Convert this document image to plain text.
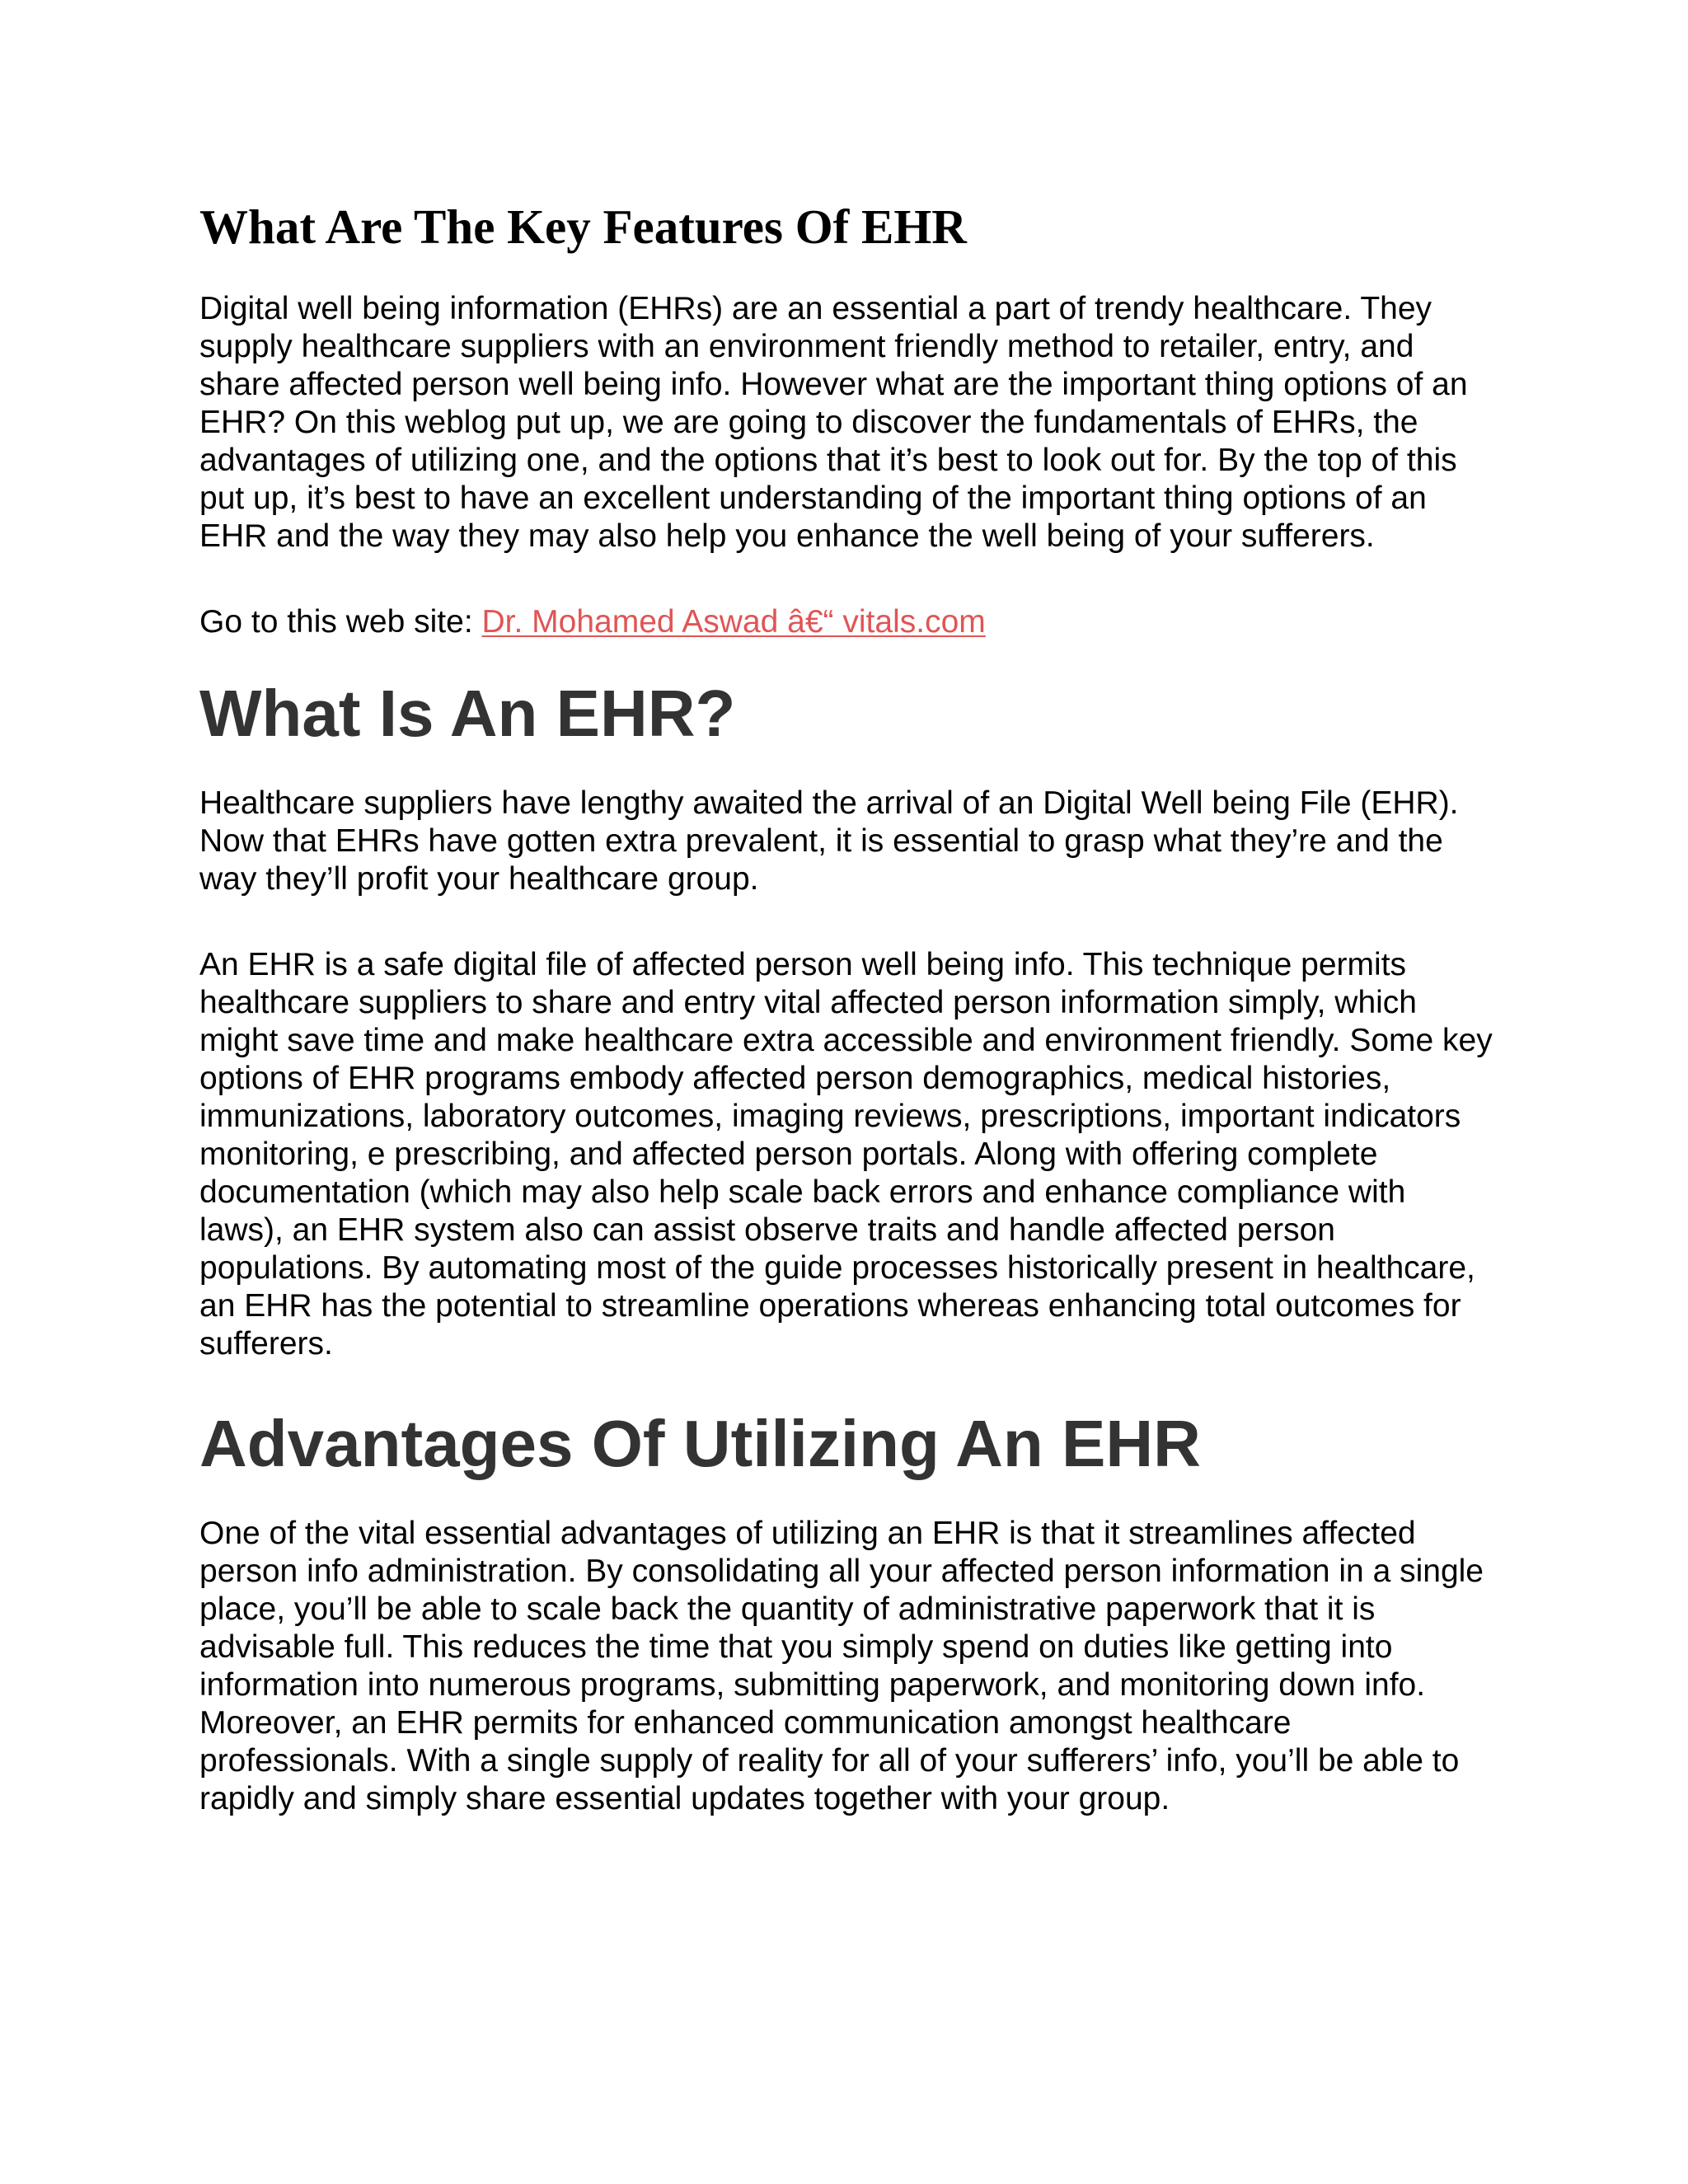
What Are The Key Features Of EHR

Digital well being information (EHRs) are an essential a part of trendy healthcare. They supply healthcare suppliers with an environment friendly method to retailer, entry, and share affected person well being info. However what are the important thing options of an EHR? On this weblog put up, we are going to discover the fundamentals of EHRs, the advantages of utilizing one, and the options that it’s best to look out for. By the top of this put up, it’s best to have an excellent understanding of the important thing options of an EHR and the way they may also help you enhance the well being of your sufferers.

Go to this web site: Dr. Mohamed Aswad â€“ vitals.com

What Is An EHR?

Healthcare suppliers have lengthy awaited the arrival of an Digital Well being File (EHR). Now that EHRs have gotten extra prevalent, it is essential to grasp what they’re and the way they’ll profit your healthcare group.

An EHR is a safe digital file of affected person well being info. This technique permits healthcare suppliers to share and entry vital affected person information simply, which might save time and make healthcare extra accessible and environment friendly. Some key options of EHR programs embody affected person demographics, medical histories, immunizations, laboratory outcomes, imaging reviews, prescriptions, important indicators monitoring, e prescribing, and affected person portals. Along with offering complete documentation (which may also help scale back errors and enhance compliance with laws), an EHR system also can assist observe traits and handle affected person populations. By automating most of the guide processes historically present in healthcare, an EHR has the potential to streamline operations whereas enhancing total outcomes for sufferers.

Advantages Of Utilizing An EHR

One of the vital essential advantages of utilizing an EHR is that it streamlines affected person info administration. By consolidating all your affected person information in a single place, you’ll be able to scale back the quantity of administrative paperwork that it is advisable full. This reduces the time that you simply spend on duties like getting into information into numerous programs, submitting paperwork, and monitoring down info. Moreover, an EHR permits for enhanced communication amongst healthcare professionals. With a single supply of reality for all of your sufferers’ info, you’ll be able to rapidly and simply share essential updates together with your group.
